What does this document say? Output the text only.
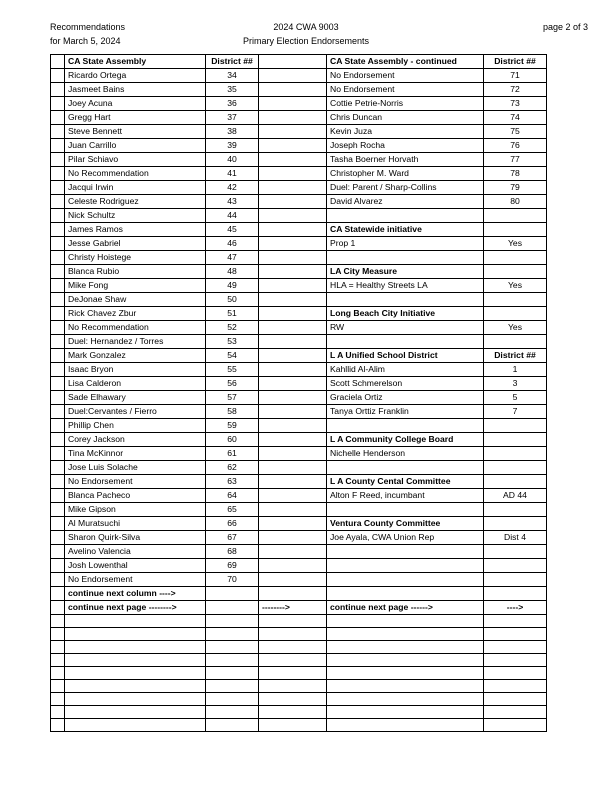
Recommendations
for March 5, 2024
2024 CWA 9003
Primary Election Endorsements
page 2 of 3
	CA State Assembly	District ##		CA State Assembly - continued	District ##
	Ricardo Ortega	34		No Endorsement	71
	Jasmeet Bains	35		No Endorsement	72
	Joey Acuna	36		Cottie Petrie-Norris	73
	Gregg Hart	37		Chris Duncan	74
	Steve Bennett	38		Kevin Juza	75
	Juan Carrillo	39		Joseph Rocha	76
	Pilar Schiavo	40		Tasha Boerner Horvath	77
	No Recommendation	41		Christopher M. Ward	78
	Jacqui Irwin	42		Duel: Parent / Sharp-Collins	79
	Celeste Rodriguez	43		David Alvarez	80
	Nick Schultz	44			
	James Ramos	45		CA Statewide initiative	
	Jesse Gabriel	46		Prop 1	Yes
	Christy Hoistege	47			
	Blanca Rubio	48		LA City Measure	
	Mike Fong	49		HLA = Healthy Streets LA	Yes
	DeJonae Shaw	50			
	Rick Chavez Zbur	51		Long Beach City Initiative	
	No Recommendation	52		RW	Yes
	Duel: Hernandez / Torres	53			
	Mark Gonzalez	54		L A Unified School District	District ##
	Isaac Bryon	55		Kahllid Al-Alim	1
	Lisa Calderon	56		Scott Schmerelson	3
	Sade Elhawary	57		Graciela Ortiz	5
	Duel:Cervantes / Fierro	58		Tanya Orttiz Franklin	7
	Phillip Chen	59			
	Corey Jackson	60		L A Community College Board	
	Tina McKinnor	61		Nichelle Henderson	
	Jose Luis Solache	62			
	No Endorsement	63		L A County Cental Committee	
	Blanca Pacheco	64		Alton F Reed, incumbant	AD 44
	Mike Gipson	65			
	Al Muratsuchi	66		Ventura County Committee	
	Sharon Quirk-Silva	67		Joe Ayala, CWA Union Rep	Dist 4
	Avelino Valencia	68			
	Josh Lowenthal	69			
	No Endorsement	70			
	continue next column ---->				
	continue next page -------->		-------->	continue next page ------>	---->
